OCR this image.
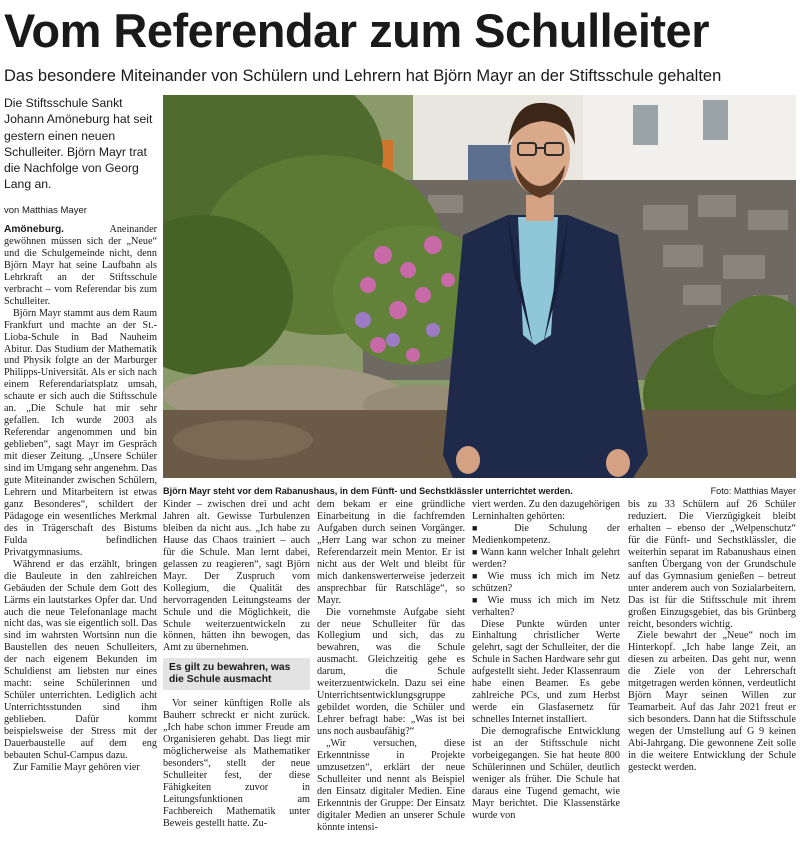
Vom Referendar zum Schulleiter
Das besondere Miteinander von Schülern und Lehrern hat Björn Mayr an der Stiftsschule gehalten
Die Stiftsschule Sankt Johann Amöneburg hat seit gestern einen neuen Schulleiter. Björn Mayr trat die Nachfolge von Georg Lang an.
von Matthias Mayer
Björn Mayr steht vor dem Rabanushaus, in dem Fünft- und Sechstklässler unterrichtet werden.	Foto: Matthias Mayer

Amöneburg.	Aneinander gewöhnen müssen sich der „Neue“ und die Schulgemeinde nicht, denn Björn Mayr hat seine Laufbahn als Lehrkraft an der Stiftsschule verbracht – vom Referendar bis zum Schulleiter.

Björn Mayr stammt aus dem Raum Frankfurt und machte an der St.-Lioba-Schule in Bad Nauheim Abitur. Das Studium der Mathematik und Physik folgte an der Marburger Philipps-Universität. Als er sich nach einem Referendariatsplatz umsah, schaute er sich auch die Stiftsschule an. „Die Schule hat mir sehr gefallen. Ich wurde 2003 als Referendar angenommen und bin geblieben“, sagt Mayr im Gespräch mit dieser Zeitung. „Unsere Schüler sind im Umgang sehr angenehm. Das gute Miteinander zwischen Schülern, Lehrern und Mitarbeitern ist etwas ganz Besonderes“, schildert der Pädagoge ein wesentliches Merkmal des in Trägerschaft des Bistums Fulda befindlichen Privatgymnasiums.

Während er das erzählt, bringen die Bauleute in den zahlreichen Gebäuden der Schule dem Gott des Lärms ein lautstarkes Opfer dar. Und auch die neue Telefonanlage macht nicht das, was sie eigentlich soll. Das sind im wahrsten Wortsinn nun die Baustellen des neuen Schulleiters, der nach eigenem Bekunden im Schuldienst am liebsten nur eines macht: seine Schülerinnen und Schüler unterrichten. Lediglich acht Unterrichtsstunden sind ihm geblieben. Dafür kommt beispielsweise der Stress mit der Dauerbaustelle auf dem eng bebauten Schul-Campus dazu.

Zur Familie Mayr gehören vier

Kinder – zwischen drei und acht Jahren alt. Gewisse Turbulenzen bleiben da nicht aus. „Ich habe zu Hause das Chaos trainiert – auch für die Schule. Man lernt dabei, gelassen zu reagieren“, sagt Björn Mayr. Der Zuspruch vom Kollegium, die Qualität des hervorragenden Leitungsteams der Schule und die Möglichkeit, die Schule weiterzuentwickeln zu können, hätten ihn bewogen, das Amt zu übernehmen.

Es gilt zu bewahren, was die Schule ausmacht

Vor seiner künftigen Rolle als Bauherr schreckt er nicht zurück. „Ich habe schon immer Freude am Organisieren gehabt. Das liegt mir möglicherweise als Mathematiker besonders“, stellt der neue Schulleiter fest, der diese Fähigkeiten zuvor in Leitungsfunktionen am Fachbereich Mathematik unter Beweis gestellt hatte. Zu-

dem bekam er eine gründliche Einarbeitung in die fachfremden Aufgaben durch seinen Vorgänger. „Herr Lang war schon zu meiner Referendarzeit mein Mentor. Er ist nicht aus der Welt und bleibt für mich dankenswerterweise jederzeit ansprechbar für Ratschläge“, so Mayr.

Die vornehmste Aufgabe sieht der neue Schulleiter für das Kollegium und sich, das zu bewahren, was die Schule ausmacht. Gleichzeitig gehe es darum, die Schule weiterzuentwickeln. Dazu sei eine Unterrichtsentwicklungsgruppe gebildet worden, die Schüler und Lehrer befragt habe: „Was ist bei uns noch ausbaufähig?“

„Wir versuchen, diese Erkenntnisse in Projekte umzusetzen“, erklärt der neue Schulleiter und nennt als Beispiel den Einsatz digitaler Medien. Eine Erkenntnis der Gruppe: Der Einsatz digitaler Medien an unserer Schule könnte intensi-

viert werden. Zu den dazugehörigen Lerninhalten gehörten:

■ Die Schulung der Medienkompetenz.

■ Wann kann welcher Inhalt gelehrt werden?

■ Wie muss ich mich im Netz schützen?

■ Wie muss ich mich im Netz verhalten?

Diese Punkte würden unter Einhaltung christlicher Werte gelehrt, sagt der Schulleiter, der die Schule in Sachen Hardware sehr gut aufgestellt sieht. Jeder Klassenraum habe einen Beamer. Es gebe zahlreiche PCs, und zum Herbst werde ein Glasfasernetz für schnelles Internet installiert.

Die demografische Entwicklung ist an der Stiftsschule nicht vorbeigegangen. Sie hat heute 800 Schülerinnen und Schüler, deutlich weniger als früher. Die Schule hat daraus eine Tugend gemacht, wie Mayr berichtet. Die Klassenstärke wurde von

bis zu 33 Schülern auf 26 Schüler reduziert. Die Vierzügigkeit bleibt erhalten – ebenso der „Welpenschutz“ für die Fünft- und Sechstklässler, die weiterhin separat im Rabanushaus einen sanften Übergang von der Grundschule auf das Gymnasium genießen – betreut unter anderem auch von Sozialarbeitern. Das ist für die Stiftsschule mit ihrem großen Einzugsgebiet, das bis Grünberg reicht, besonders wichtig.

Ziele bewahrt der „Neue“ noch im Hinterkopf. „Ich habe lange Zeit, an diesen zu arbeiten. Das geht nur, wenn die Ziele von der Lehrerschaft mitgetragen werden können, verdeutlicht Björn Mayr seinen Willen zur Teamarbeit. Auf das Jahr 2021 freut er sich besonders. Dann hat die Stiftsschule wegen der Umstellung auf G 9 keinen Abi-Jahrgang. Die gewonnene Zeit solle in die weitere Entwicklung der Schule gesteckt werden.
